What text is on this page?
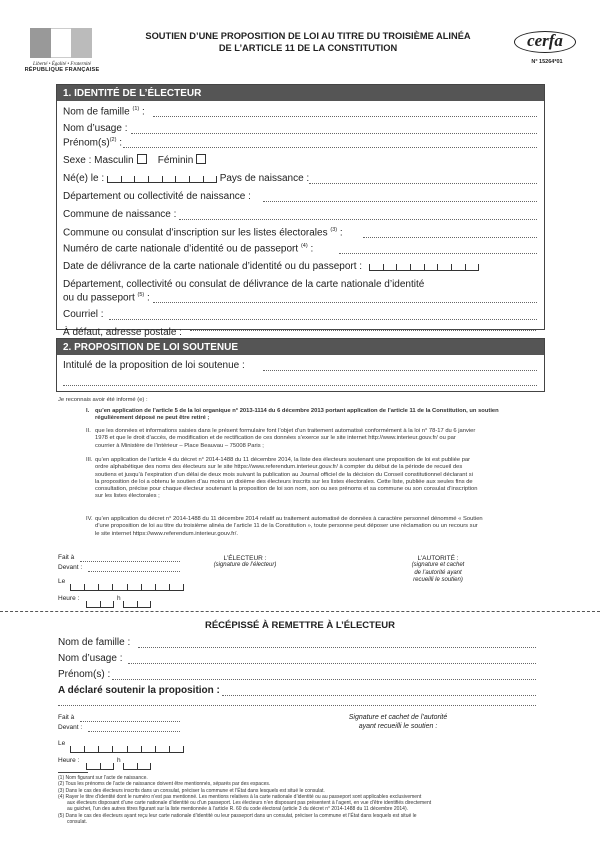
Liberté • Égalité • Fraternité
RÉPUBLIQUE FRANÇAISE
SOUTIEN D’UNE PROPOSITION DE LOI AU TITRE DU TROISIÈME ALINÉA
DE L’ARTICLE 11 DE LA CONSTITUTION	cerfa
N° 15264*01
1. IDENTITÉ DE L’ÉLECTEUR
Nom de famille $^{(1)}$ :
Nom d’usage :
$Prénom(s)^{(2)}$ :
Sexe : Masculin Féminin
Né(e) le :	Pays de naissance :
Département ou collectivité de naissance :
Commune de naissance :
Commune ou consulat d’inscription sur les listes électorales $^{(3)}$ :
Numéro de carte nationale d’identité ou de passeport $^{(4)}$ :
Date de délivrance de la carte nationale d’identité ou du passeport :
Département, collectivité ou consulat de délivrance de la carte nationale d’identité
ou du passeport $^{(5)}$ :
Courriel :
À défaut, adresse postale :
2. PROPOSITION DE LOI SOUTENUE
Intitulé de la proposition de loi soutenue :
Je reconnais avoir été informé (e) :
I. qu’en application de l’article 5 de la loi organique n° 2013-1114 du 6 décembre 2013 portant application de l’article 11 de la Constitution, un soutien
régulièrement déposé ne peut être retiré ;
II. que les données et informations saisies dans le présent formulaire font l’objet d’un traitement automatisé conformément à la loi n° 78-17 du 6 janvier
1978 et que le droit d’accès, de modification et de rectification de ces données s’exerce sur le site internet http://www.interieur.gouv.fr/ ou par
courrier à Ministère de l’intérieur – Place Beauvau – 75008 Paris ;
III. qu’en application de l’article 4 du décret n° 2014-1488 du 11 décembre 2014, la liste des électeurs soutenant une proposition de loi est publiée par
ordre alphabétique des noms des électeurs sur le site https://www.referendum.interieur.gouv.fr/ à compter du début de la période de recueil des
soutiens et jusqu’à l’expiration d’un délai de deux mois suivant la publication au Journal officiel de la décision du Conseil constitutionnel déclarant si
la proposition de loi a obtenu le soutien d’au moins un dixième des électeurs inscrits sur les listes électorales. Cette liste, publiée aux seules fins de
consultation, précise pour chaque électeur soutenant la proposition de loi son nom, son ou ses prénoms et sa commune ou son consulat d’inscription
sur les listes électorales ;
IV. qu’en application du décret n° 2014-1488 du 11 décembre 2014 relatif au traitement automatisé de données à caractère personnel dénommé « Soutien
d’une proposition de loi au titre du troisième alinéa de l’article 11 de la Constitution », toute personne peut déposer une réclamation ou un recours sur
le site internet https://www.referendum.interieur.gouv.fr/.
Fait à
Devant :
Le
Heure :	h
L’ÉLECTEUR :
(signature de l’électeur)
L’AUTORITÉ :
(signature et cachet
de l’autorité ayant
recueilli le soutien)
RÉCÉPISSÉ À REMETTRE À L’ÉLECTEUR
Nom de famille :
Nom d’usage :
Prénom(s) :
A déclaré soutenir la proposition :
Fait à
Devant :
Le
Heure :	h
Signature et cachet de l’autorité
ayant recueilli le soutien :
(1) Nom figurant sur l’acte de naissance.
(2) Tous les prénoms de l’acte de naissance doivent être mentionnés, séparés par des espaces.
(3) Dans le cas des électeurs inscrits dans un consulat, préciser la commune et l’État dans lesquels est situé le consulat.
(4) Rayer le titre d’identité dont le numéro n’est pas mentionné. Les mentions relatives à la carte nationale d’identité ou au passeport sont applicables exclusivement
aux électeurs disposant d’une carte nationale d’identité ou d’un passeport. Les électeurs n’en disposant pas présentent à l’agent, en vue d’être identifiés directement
au guichet, l’un des autres titres figurant sur la liste mentionnée à l’article R. 60 du code électoral (article 3 du décret n° 2014-1488 du 11 décembre 2014).
(5) Dans le cas des électeurs ayant reçu leur carte nationale d’identité ou leur passeport dans un consulat, préciser la commune et l’État dans lesquels est situé le
consulat.
